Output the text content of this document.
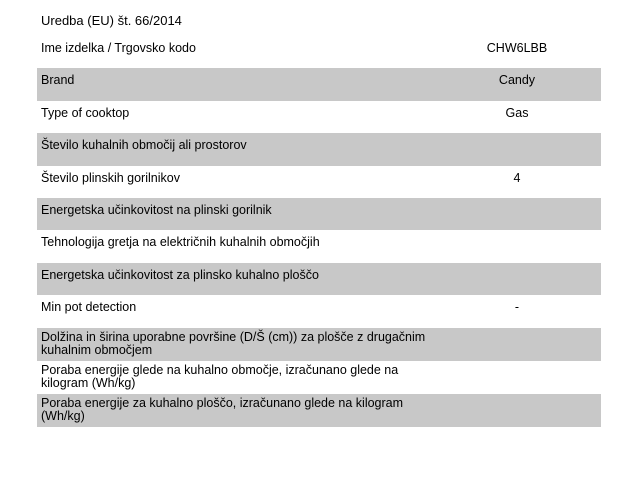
Uredba (EU) št. 66/2014
Ime izdelka / Trgovsko kodo	CHW6LBB
Brand	Candy
Type of cooktop	Gas
Število kuhalnih območij ali prostorov
Število plinskih gorilnikov	4
Energetska učinkovitost na plinski gorilnik
Tehnologija gretja na električnih kuhalnih območjih
Energetska učinkovitost za plinsko kuhalno ploščo
Min pot detection	-
Dolžina in širina uporabne površine (D/Š (cm)) za plošče z drugačnim kuhalnim območjem
Poraba energije glede na kuhalno območje, izračunano glede na kilogram (Wh/kg)
Poraba energije za kuhalno ploščo, izračunano glede na kilogram (Wh/kg)
